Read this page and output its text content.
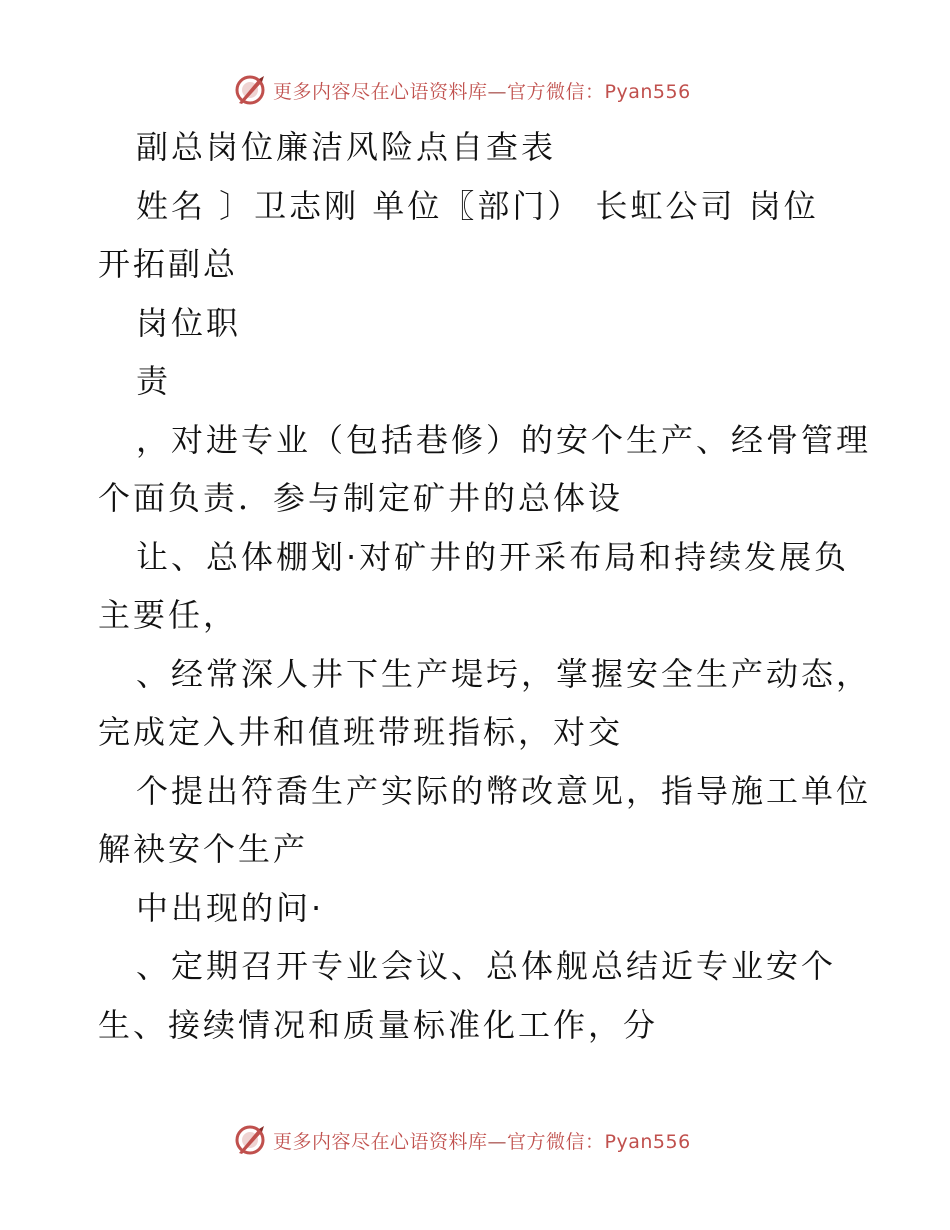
更多内容尽在心语资料库—官方微信：Pyan556
副总岗位廉洁风险点自查表
姓名 〕卫志刚 单位〖部门） 长虹公司 岗位
开拓副总
岗位职
责
，对进专业（包括巷修）的安个生产、经骨管理
个面负责．参与制定矿井的总体设
让、总体棚划·对矿井的开采布局和持续发展负
主要任，
、经常深人井下生产堤圬，掌握安全生产动态，
完成定入井和值班带班指标，对交
个提出符喬生产实际的幣改意见，指导施工单位
解袂安个生产
中出现的问·
、定期召开专业会议、总体舰总结近专业安个
生、接续情况和质量标准化工作，分
更多内容尽在心语资料库—官方微信：Pyan556
